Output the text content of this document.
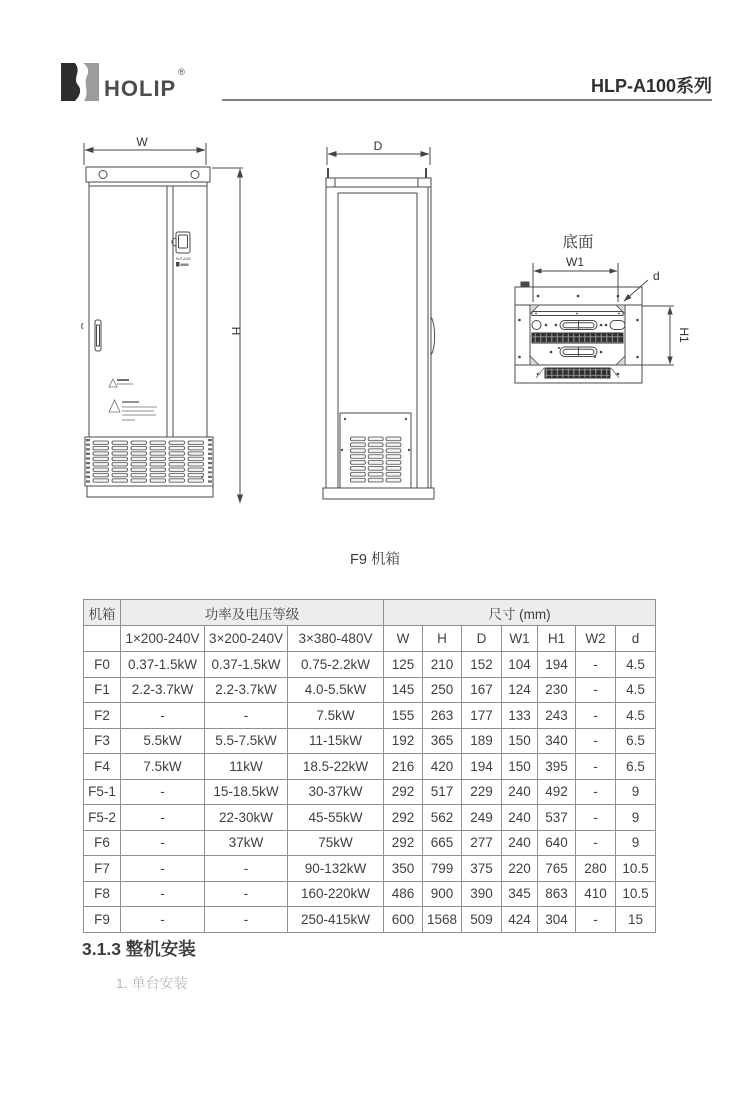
HOLIP®
HLP-A100系列
W
H
HLP-A100
D
底面
W1
d
H1
F9 机箱
机箱	功率及电压等级			尺寸 (mm)						
	1×200-240V	3×200-240V	3×380-480V	W	H	D	W1	H1	W2	d
F0	0.37-1.5kW	0.37-1.5kW	0.75-2.2kW	125	210	152	104	194	-	4.5
F1	2.2-3.7kW	2.2-3.7kW	4.0-5.5kW	145	250	167	124	230	-	4.5
F2	-	-	7.5kW	155	263	177	133	243	-	4.5
F3	5.5kW	5.5-7.5kW	11-15kW	192	365	189	150	340	-	6.5
F4	7.5kW	11kW	18.5-22kW	216	420	194	150	395	-	6.5
F5-1	-	15-18.5kW	30-37kW	292	517	229	240	492	-	9
F5-2	-	22-30kW	45-55kW	292	562	249	240	537	-	9
F6	-	37kW	75kW	292	665	277	240	640	-	9
F7	-	-	90-132kW	350	799	375	220	765	280	10.5
F8	-	-	160-220kW	486	900	390	345	863	410	10.5
F9	-	-	250-415kW	600	1568	509	424	304	-	15
3.1.3 整机安装
1. 单台安装
